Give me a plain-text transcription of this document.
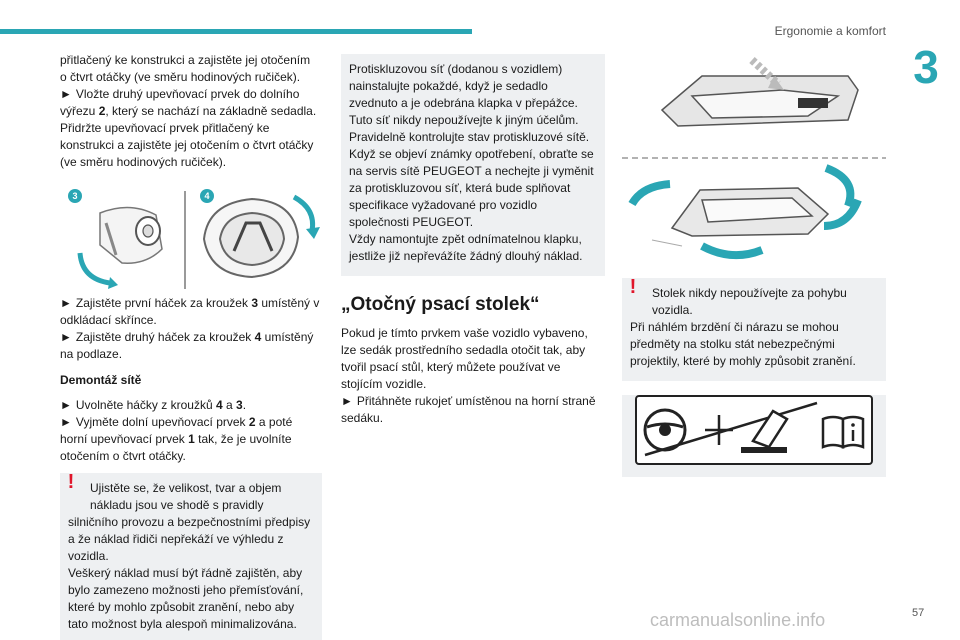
Ergonomie a komfort
3

přitlačený ke konstrukci a zajistěte jej otočením
o čtvrt otáčky (ve směru hodinových ručiček).

► Vložte druhý upevňovací prvek do dolního výřezu 2, který se nachází na základně sedadla. Přidržte upevňovací prvek přitlačený ke konstrukci a zajistěte jej otočením o čtvrt otáčky (ve směru hodinových ručiček).

3	4

► Zajistěte první háček za kroužek 3 umístěný v odkládací skřínce.

► Zajistěte druhý háček za kroužek 4 umístěný na podlaze.

Demontáž sítě

► Uvolněte háčky z kroužků 4 a 3.

► Vyjměte dolní upevňovací prvek 2 a poté horní upevňovací prvek 1 tak, že je uvolníte otočením o čtvrt otáčky.

!	Ujistěte se, že velikost, tvar a objem nákladu jsou ve shodě s pravidly

silničního provozu a bezpečnostními předpisy a že náklad řidiči nepřekáží ve výhledu z vozidla.

Veškerý náklad musí být řádně zajištěn, aby bylo zamezeno možnosti jeho přemísťování, které by mohlo způsobit zranění, nebo aby tato možnost byla alespoň minimalizována.

Protiskluzovou síť (dodanou s vozidlem) nainstalujte pokaždé, když je sedadlo zvednuto a je odebrána klapka v přepážce. Tuto síť nikdy nepoužívejte k jiným účelům. Pravidelně kontrolujte stav protiskluzové sítě. Když se objeví známky opotřebení, obraťte se na servis sítě PEUGEOT a nechejte ji vyměnit za protiskluzovou síť, která bude splňovat specifikace vyžadované pro vozidlo společnosti PEUGEOT.

Vždy namontujte zpět odnímatelnou klapku, jestliže již nepřevážíte žádný dlouhý náklad.

„Otočný psací stolek“

Pokud je tímto prvkem vaše vozidlo vybaveno, lze sedák prostředního sedadla otočit tak, aby tvořil psací stůl, který můžete používat ve stojícím vozidle.

► Přitáhněte rukojeť umístěnou na horní straně sedáku.

!	Stolek nikdy nepoužívejte za pohybu vozidla.

Při náhlém brzdění či nárazu se mohou předměty na stolku stát nebezpečnými projektily, které by mohly způsobit zranění.

carmanualsonline.info	57
